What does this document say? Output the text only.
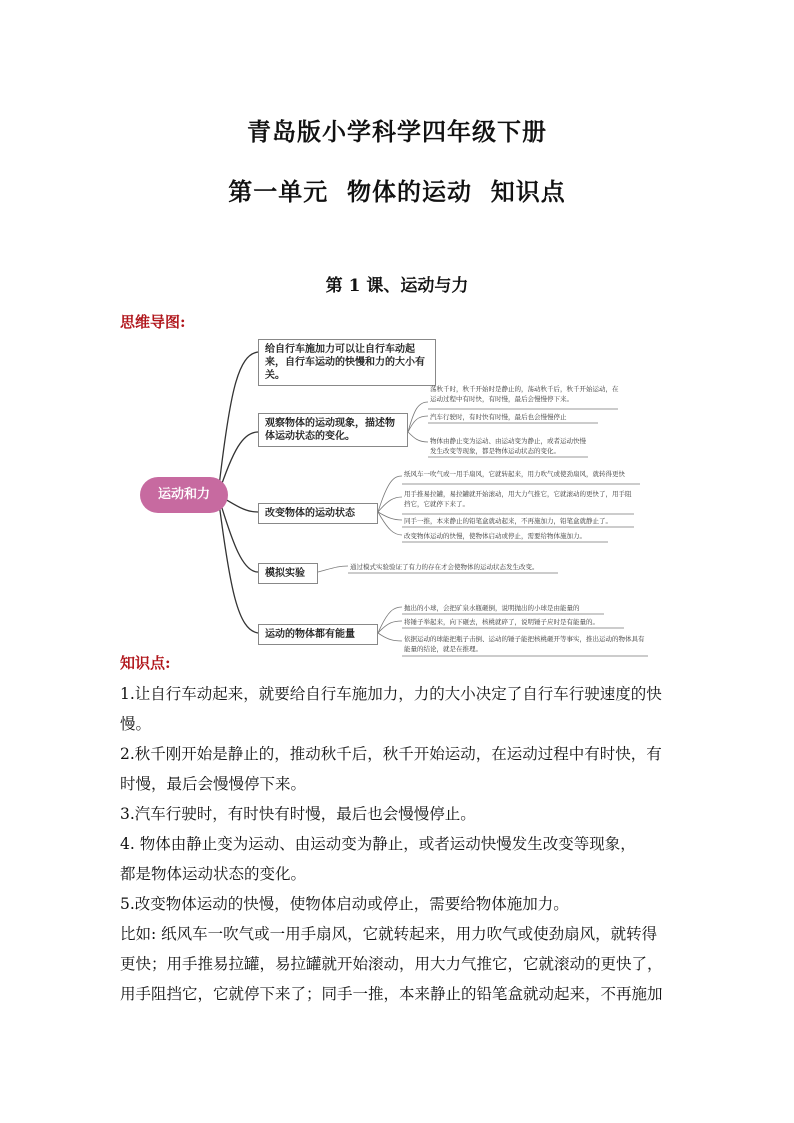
青岛版小学科学四年级下册
第一单元  物体的运动  知识点
第 1 课、运动与力
思维导图:
运动和力
给自行车施加力可以让自行车动起来，自行车运动的快慢和力的大小有关。
观察物体的运动现象，描述物体运动状态的变化。
改变物体的运动状态
模拟实验
运动的物体都有能量
荡秋千时，秋千开始时是静止的，荡动秋千后，秋千开始运动，在运动过程中有时快，有时慢，最后会慢慢停下来。
汽车行驶时，有时快有时慢，最后也会慢慢停止
物体由静止变为运动、由运动变为静止，或者运动快慢发生改变等现象，都是物体运动状态的变化。
纸风车一吹气或一用手扇风，它就转起来，用力吹气或使劲扇风，就转得更快
用手推易拉罐，易拉罐就开始滚动，用大力气推它，它就滚动的更快了，用手阻挡它，它就停下来了。
同手一推，本来静止的铅笔盒就动起来，不再施加力，铅笔盒就静止了。
改变物体运动的快慢，使物体启动或停止，需要给物体施加力。
通过模式实验验证了有力的存在才会使物体的运动状态发生改变。
抛出的小球，会把矿泉水瓶砸倒，说明抛出的小球是由能量的
将锤子举起来，向下砸去，核桃就碎了，说明锤子应时是有能量的。
依据运动的球能把瓶子击倒、运动的锤子能把核桃砸开等事实，推出运动的物体具有能量的结论，就是在推理。
知识点:

1.让自行车动起来，就要给自行车施加力，力的大小决定了自行车行驶速度的快

慢。

2.秋千刚开始是静止的，推动秋千后，秋千开始运动，在运动过程中有时快，有

时慢，最后会慢慢停下来。

3.汽车行驶时，有时快有时慢，最后也会慢慢停止。

4. 物体由静止变为运动、由运动变为静止，或者运动快慢发生改变等现象，

都是物体运动状态的变化。

5.改变物体运动的快慢，使物体启动或停止，需要给物体施加力。

比如: 纸风车一吹气或一用手扇风，它就转起来，用力吹气或使劲扇风，就转得

更快；用手推易拉罐，易拉罐就开始滚动，用大力气推它，它就滚动的更快了，

用手阻挡它，它就停下来了；同手一推，本来静止的铅笔盒就动起来，不再施加
